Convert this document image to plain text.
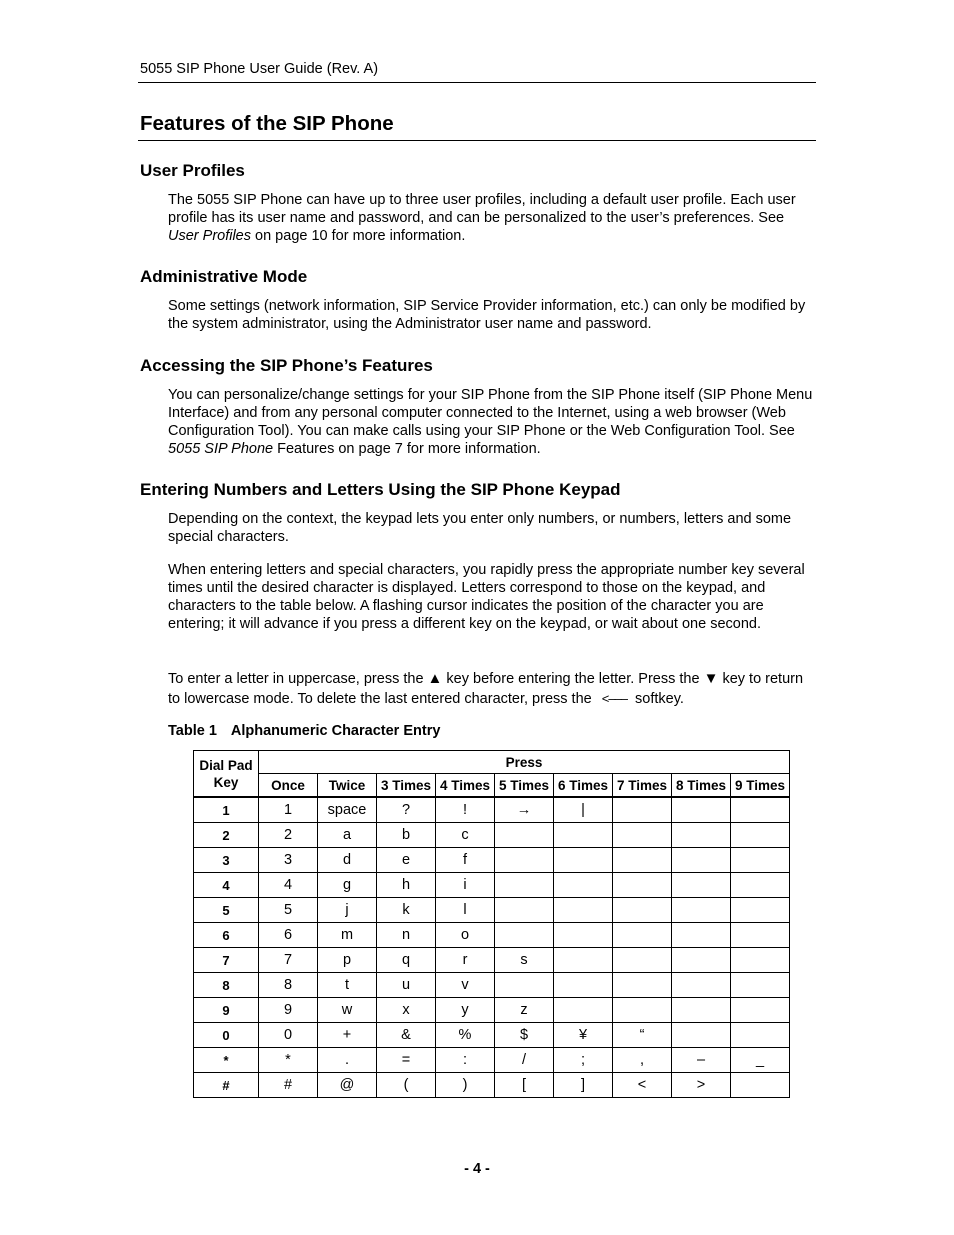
5055 SIP Phone User Guide (Rev. A)
Features of the SIP Phone
User Profiles

The 5055 SIP Phone can have up to three user profiles, including a default user profile. Each user profile has its user name and password, and can be personalized to the user’s preferences. See User Profiles on page 10 for more information.

Administrative Mode

Some settings (network information, SIP Service Provider information, etc.) can only be modified by the system administrator, using the Administrator user name and password.

Accessing the SIP Phone’s Features

You can personalize/change settings for your SIP Phone from the SIP Phone itself (SIP Phone Menu Interface) and from any personal computer connected to the Internet, using a web browser (Web Configuration Tool). You can make calls using your SIP Phone or the Web Configuration Tool. See 5055 SIP Phone Features on page 7 for more information.

Entering Numbers and Letters Using the SIP Phone Keypad

Depending on the context, the keypad lets you enter only numbers, or numbers, letters and some special characters.

When entering letters and special characters, you rapidly press the appropriate number key several times until the desired character is displayed. Letters correspond to those on the keypad, and characters to the table below. A flashing cursor indicates the position of the character you are entering; it will advance if you press a different key on the keypad, or wait about one second.

To enter a letter in uppercase, press the ▲ key before entering the letter. Press the ▼ key to return to lowercase mode. To delete the last entered character, press the <––– softkey.

Table 1 Alphanumeric Character Entry
Dial Pad
Key	Press								
	Once	Twice	3 Times	4 Times	5 Times	6 Times	7 Times	8 Times	9 Times
1	1	space	?	!	→	|			
2	2	a	b	c					
3	3	d	e	f					
4	4	g	h	i					
5	5	j	k	l					
6	6	m	n	o					
7	7	p	q	r	s				
8	8	t	u	v					
9	9	w	x	y	z				
0	0	+	&	%	$	¥	“		
*	*	.	=	:	/	;	,	–	_
#	#	@	(	)	[	]	<	>	
- 4 -
